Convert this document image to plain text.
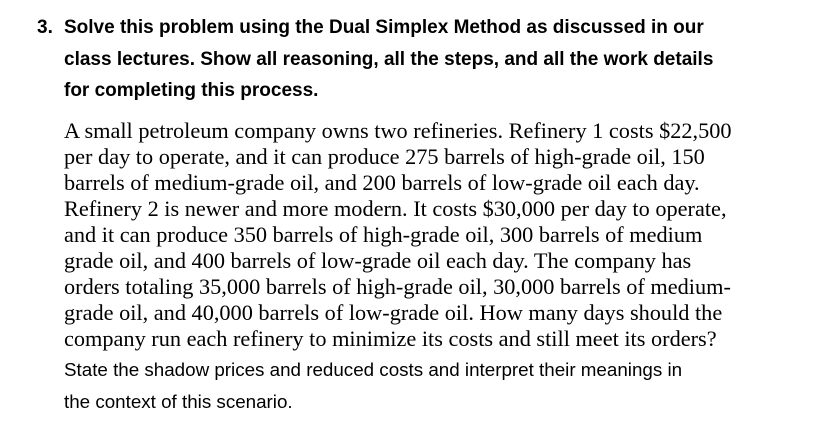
3. Solve this problem using the Dual Simplex Method as discussed in our
class lectures. Show all reasoning, all the steps, and all the work details
for completing this process.
A small petroleum company owns two refineries. Refinery 1 costs $22,500
per day to operate, and it can produce 275 barrels of high-grade oil, 150
barrels of medium-grade oil, and 200 barrels of low-grade oil each day.
Refinery 2 is newer and more modern. It costs $30,000 per day to operate,
and it can produce 350 barrels of high-grade oil, 300 barrels of medium
grade oil, and 400 barrels of low-grade oil each day. The company has
orders totaling 35,000 barrels of high-grade oil, 30,000 barrels of medium-
grade oil, and 40,000 barrels of low-grade oil. How many days should the
company run each refinery to minimize its costs and still meet its orders?
State the shadow prices and reduced costs and interpret their meanings in
the context of this scenario.
